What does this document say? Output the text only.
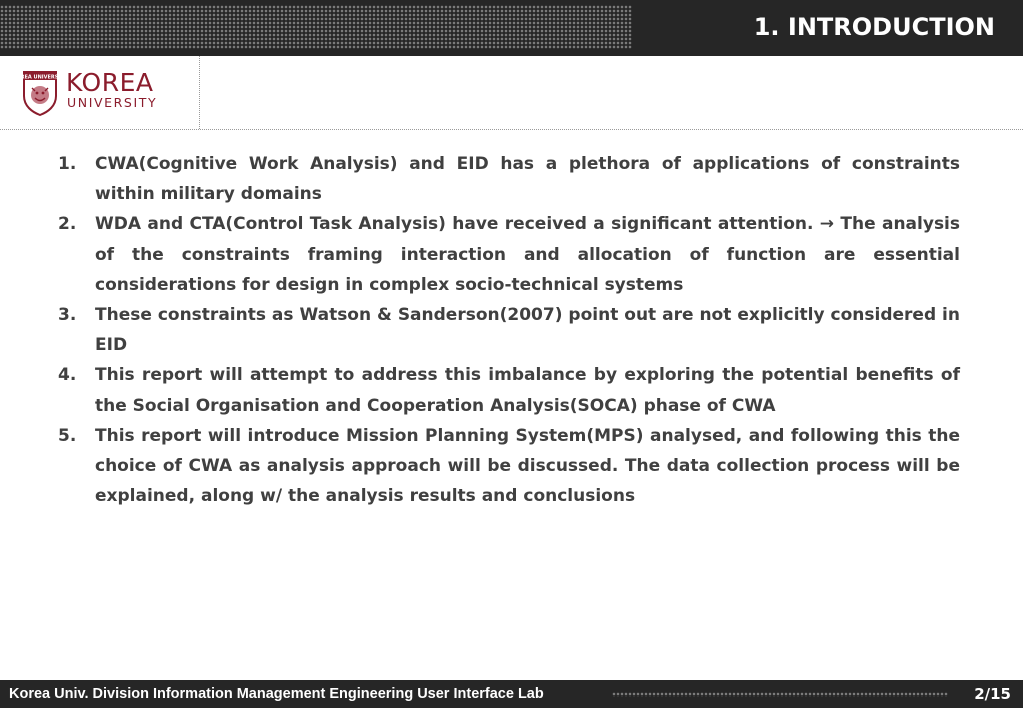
1. INTRODUCTION
KOREA UNIVERSITY
KOREA
UNIVERSITY
1. CWA(Cognitive Work Analysis) and EID has a plethora of applications of constraints within military domains
2. WDA and CTA(Control Task Analysis) have received a significant attention. → The analysis of the constraints framing interaction and allocation of function are essential considerations for design in complex socio-technical systems
3. These constraints as Watson & Sanderson(2007) point out are not explicitly considered in EID
4. This report will attempt to address this imbalance by exploring the potential benefits of the Social Organisation and Cooperation Analysis(SOCA) phase of CWA
5. This report will introduce Mission Planning System(MPS) analysed, and following this the choice of CWA as analysis approach will be discussed. The data collection process will be explained, along w/ the analysis results and conclusions
Korea Univ. Division Information Management Engineering User Interface Lab	2/15
